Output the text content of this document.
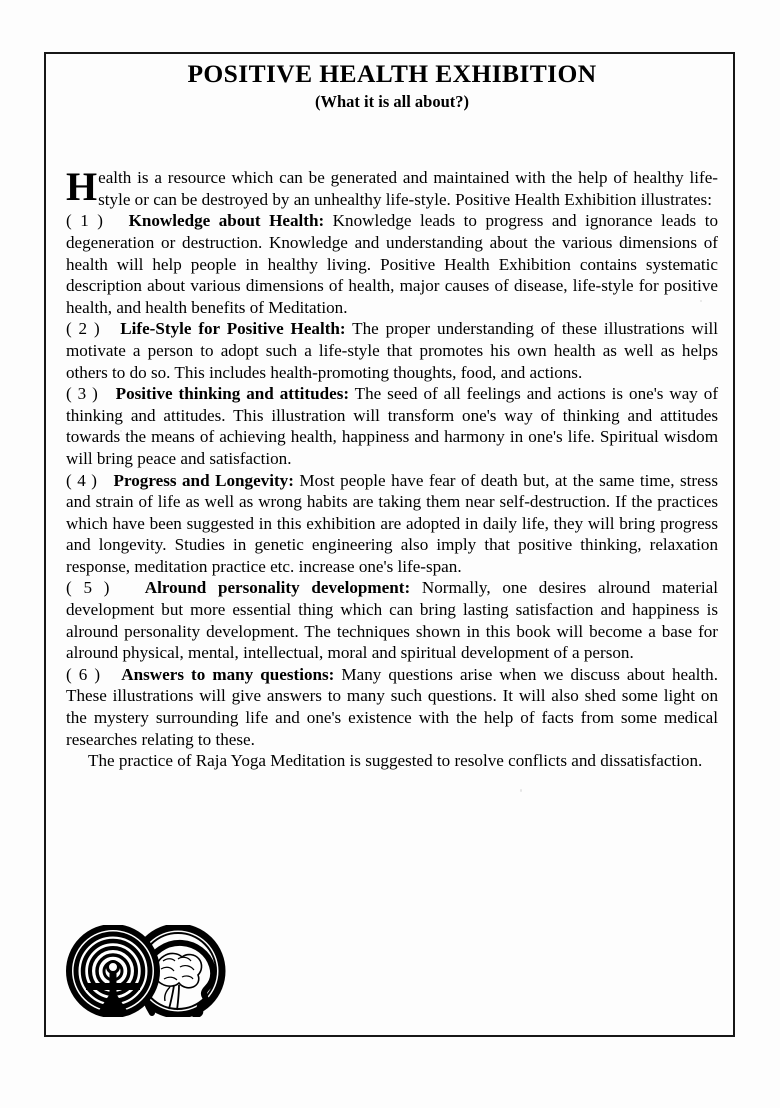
POSITIVE HEALTH EXHIBITION
(What it is all about?)

Health is a resource which can be generated and maintained with the help of healthy life-style or can be destroyed by an unhealthy life-style. Positive Health Exhibition illustrates:

( 1 ) Knowledge about Health: Knowledge leads to progress and ignorance leads to degeneration or destruction. Knowledge and understanding about the various dimensions of health will help people in healthy living. Positive Health Exhibition contains systematic description about various dimensions of health, major causes of disease, life-style for positive health, and health benefits of Meditation.

( 2 ) Life-Style for Positive Health: The proper understanding of these illustrations will motivate a person to adopt such a life-style that promotes his own health as well as helps others to do so. This includes health-promoting thoughts, food, and actions.

( 3 ) Positive thinking and attitudes: The seed of all feelings and actions is one's way of thinking and attitudes. This illustration will transform one's way of thinking and attitudes towards the means of achieving health, happiness and harmony in one's life. Spiritual wisdom will bring peace and satisfaction.

( 4 ) Progress and Longevity: Most people have fear of death but, at the same time, stress and strain of life as well as wrong habits are taking them near self-destruction. If the practices which have been suggested in this exhibition are adopted in daily life, they will bring progress and longevity. Studies in genetic engineering also imply that positive thinking, relaxation response, meditation practice etc. increase one's life-span.

( 5 ) Alround personality development: Normally, one desires alround material development but more essential thing which can bring lasting satisfaction and happiness is alround personality development. The techniques shown in this book will become a base for alround physical, mental, intellectual, moral and spiritual development of a person.

( 6 ) Answers to many questions: Many questions arise when we discuss about health. These illustrations will give answers to many such questions. It will also shed some light on the mystery surrounding life and one's existence with the help of facts from some medical researches relating to these.

The practice of Raja Yoga Meditation is suggested to resolve conflicts and dissatisfaction.
